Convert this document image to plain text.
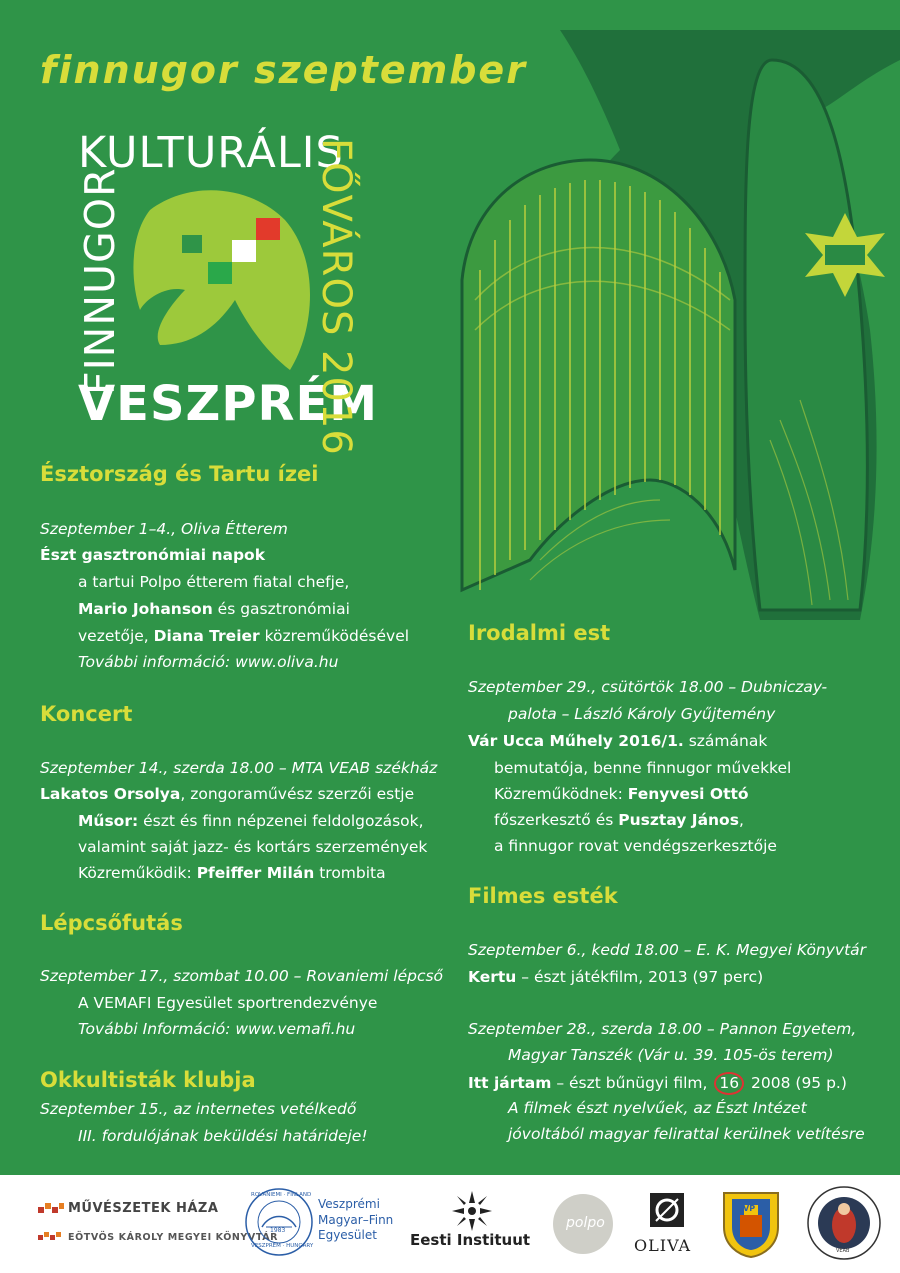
finnugor szeptember
KULTURÁLIS
FINNUGOR
VESZPRÉM
FŐVÁROS 2016
Észtország és Tartu ízei
Szeptember 1–4., Oliva Étterem
Észt gasztronómiai napok
a tartui Polpo étterem fiatal chefje,
Mario Johanson és gasztronómiai
vezetője, Diana Treier közreműködésével
További információ: www.oliva.hu
Koncert
Szeptember 14., szerda 18.00 – MTA VEAB székház
Lakatos Orsolya, zongoraművész szerzői estje
Műsor: észt és finn népzenei feldolgozások,
valamint saját jazz- és kortárs szerzemények
Közreműködik: Pfeiffer Milán trombita
Lépcsőfutás
Szeptember 17., szombat 10.00 – Rovaniemi lépcső
A VEMAFI Egyesület sportrendezvénye
További Információ: www.vemafi.hu
Okkultisták klubja
Szeptember 15., az internetes vetélkedő
III. fordulójának beküldési határideje!
Irodalmi est
Szeptember 29., csütörtök 18.00 – Dubniczay-
palota – László Károly Gyűjtemény
Vár Ucca Műhely 2016/1. számának
bemutatója, benne finnugor művekkel
Közreműködnek: Fenyvesi Ottó
főszerkesztő és Pusztay János,
a finnugor rovat vendégszerkesztője
Filmes esték
Szeptember 6., kedd 18.00 – E. K. Megyei Könyvtár
Kertu – észt játékfilm, 2013 (97 perc)
Szeptember 28., szerda 18.00 – Pannon Egyetem,
Magyar Tanszék (Vár u. 39. 105-ös terem)
Itt jártam – észt bűnügyi film, 16 2008 (95 p.)
A filmek észt nyelvűek, az Észt Intézet
jóvoltából magyar felirattal kerülnek vetítésre
MŰVÉSZETEK HÁZA
EÖTVÖS KÁROLY MEGYEI KÖNYVTÁR
ROVANIEMI · FINLAND
1983
VESZPRÉM · HUNGARY
Veszprémi
Magyar–Finn
Egyesület	Eesti Instituut
polpo
OLIVA
VP
VEAB
